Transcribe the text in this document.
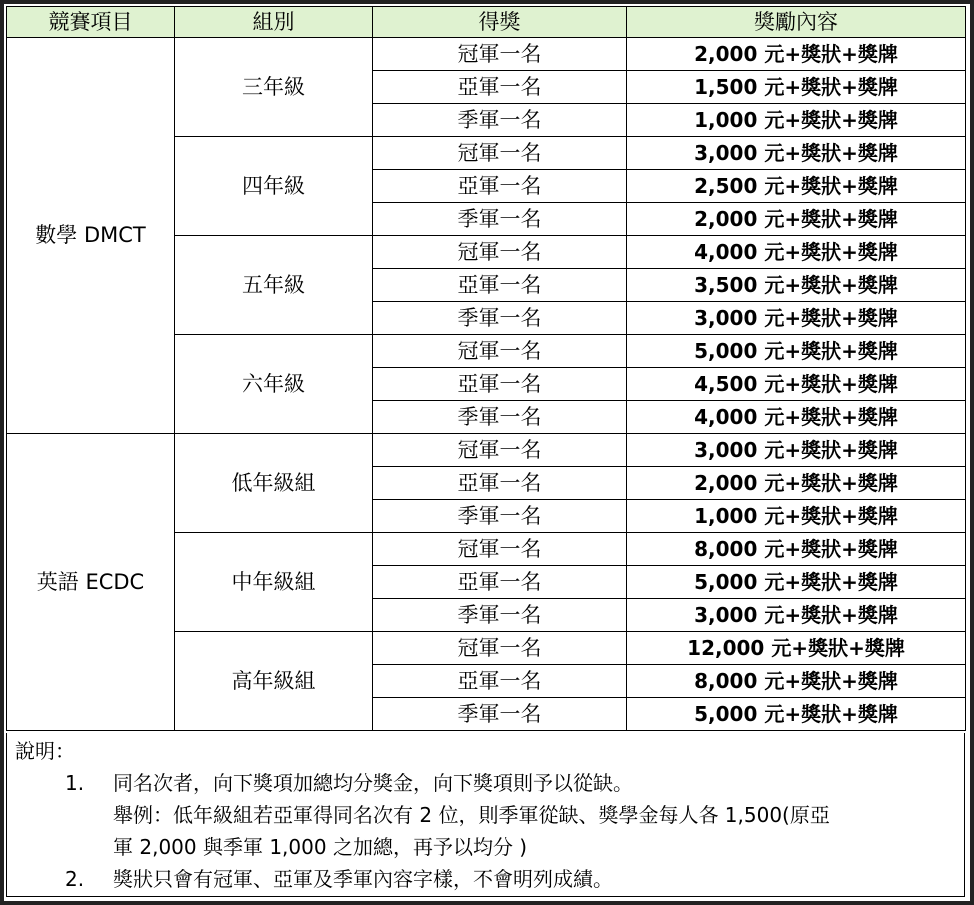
競賽項目	組別	得獎	獎勵內容
數學 DMCT	三年級	冠軍一名	2,000 元+獎狀+獎牌
		亞軍一名	1,500 元+獎狀+獎牌
		季軍一名	1,000 元+獎狀+獎牌
	四年級	冠軍一名	3,000 元+獎狀+獎牌
		亞軍一名	2,500 元+獎狀+獎牌
		季軍一名	2,000 元+獎狀+獎牌
	五年級	冠軍一名	4,000 元+獎狀+獎牌
		亞軍一名	3,500 元+獎狀+獎牌
		季軍一名	3,000 元+獎狀+獎牌
	六年級	冠軍一名	5,000 元+獎狀+獎牌
		亞軍一名	4,500 元+獎狀+獎牌
		季軍一名	4,000 元+獎狀+獎牌
英語 ECDC	低年級組	冠軍一名	3,000 元+獎狀+獎牌
		亞軍一名	2,000 元+獎狀+獎牌
		季軍一名	1,000 元+獎狀+獎牌
	中年級組	冠軍一名	8,000 元+獎狀+獎牌
		亞軍一名	5,000 元+獎狀+獎牌
		季軍一名	3,000 元+獎狀+獎牌
	高年級組	冠軍一名	12,000 元+獎狀+獎牌
		亞軍一名	8,000 元+獎狀+獎牌
		季軍一名	5,000 元+獎狀+獎牌
說明：
1. 同名次者，向下獎項加總均分獎金，向下獎項則予以從缺。
舉例：低年級組若亞軍得同名次有 2 位，則季軍從缺、獎學金每人各 1,500(原亞
軍 2,000 與季軍 1,000 之加總，再予以均分 )
2. 獎狀只會有冠軍、亞軍及季軍內容字樣，不會明列成績。
